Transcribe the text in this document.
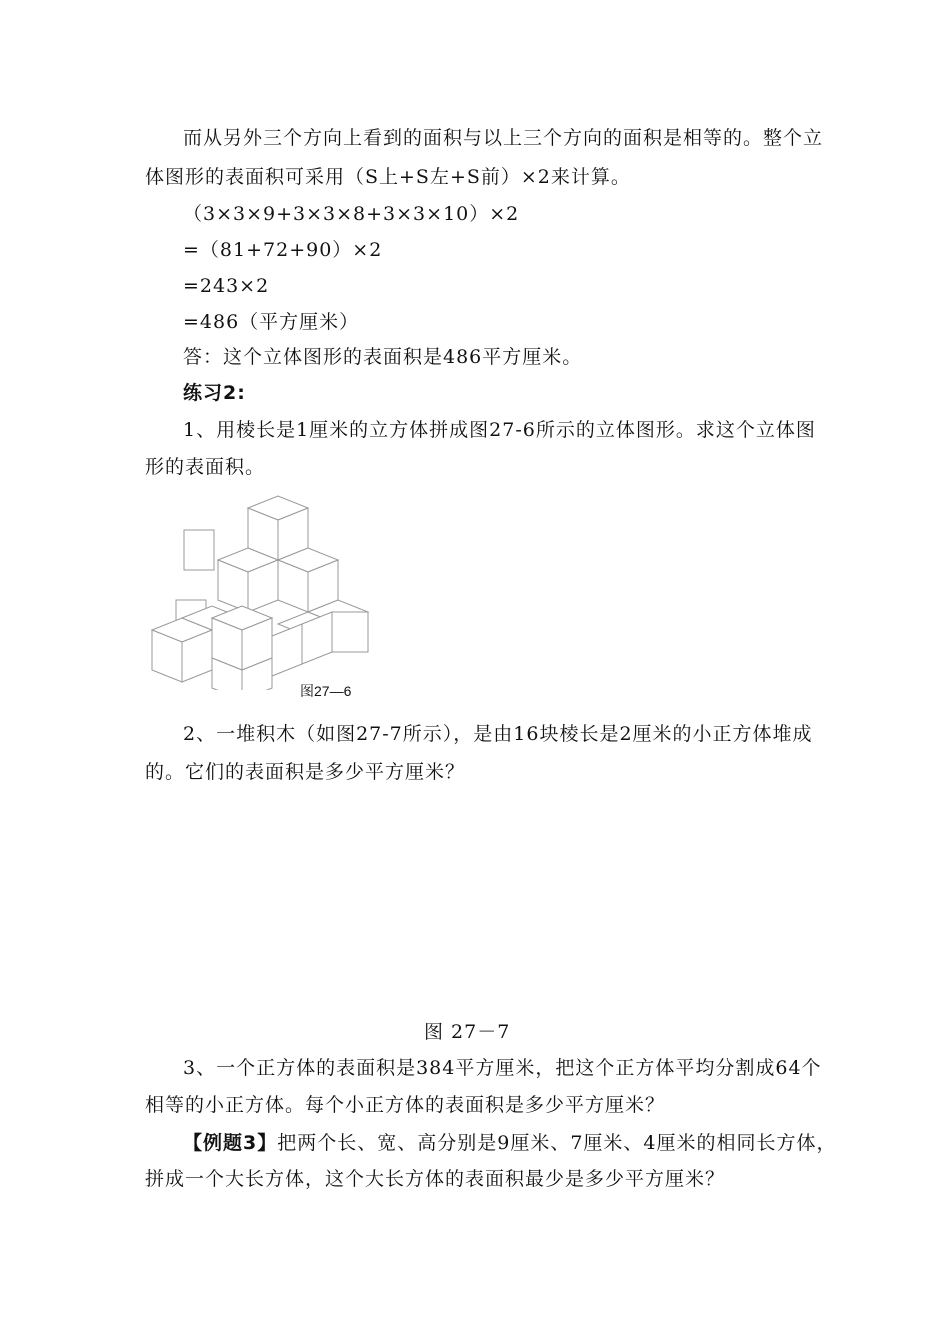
而从另外三个方向上看到的面积与以上三个方向的面积是相等的。整个立
体图形的表面积可采用（S上+S左+S前）×2来计算。
（3×3×9+3×3×8+3×3×10）×2
=（81+72+90）×2
=243×2
=486（平方厘米）
答：这个立体图形的表面积是486平方厘米。
练习2:
1、用棱长是1厘米的立方体拼成图27-6所示的立体图形。求这个立体图
形的表面积。
图27—6
2、一堆积木（如图27-7所示），是由16块棱长是2厘米的小正方体堆成
的。它们的表面积是多少平方厘米？
图 27－7
3、一个正方体的表面积是384平方厘米，把这个正方体平均分割成64个
相等的小正方体。每个小正方体的表面积是多少平方厘米？
【例题3】把两个长、宽、高分别是9厘米、7厘米、4厘米的相同长方体，
拼成一个大长方体，这个大长方体的表面积最少是多少平方厘米？
